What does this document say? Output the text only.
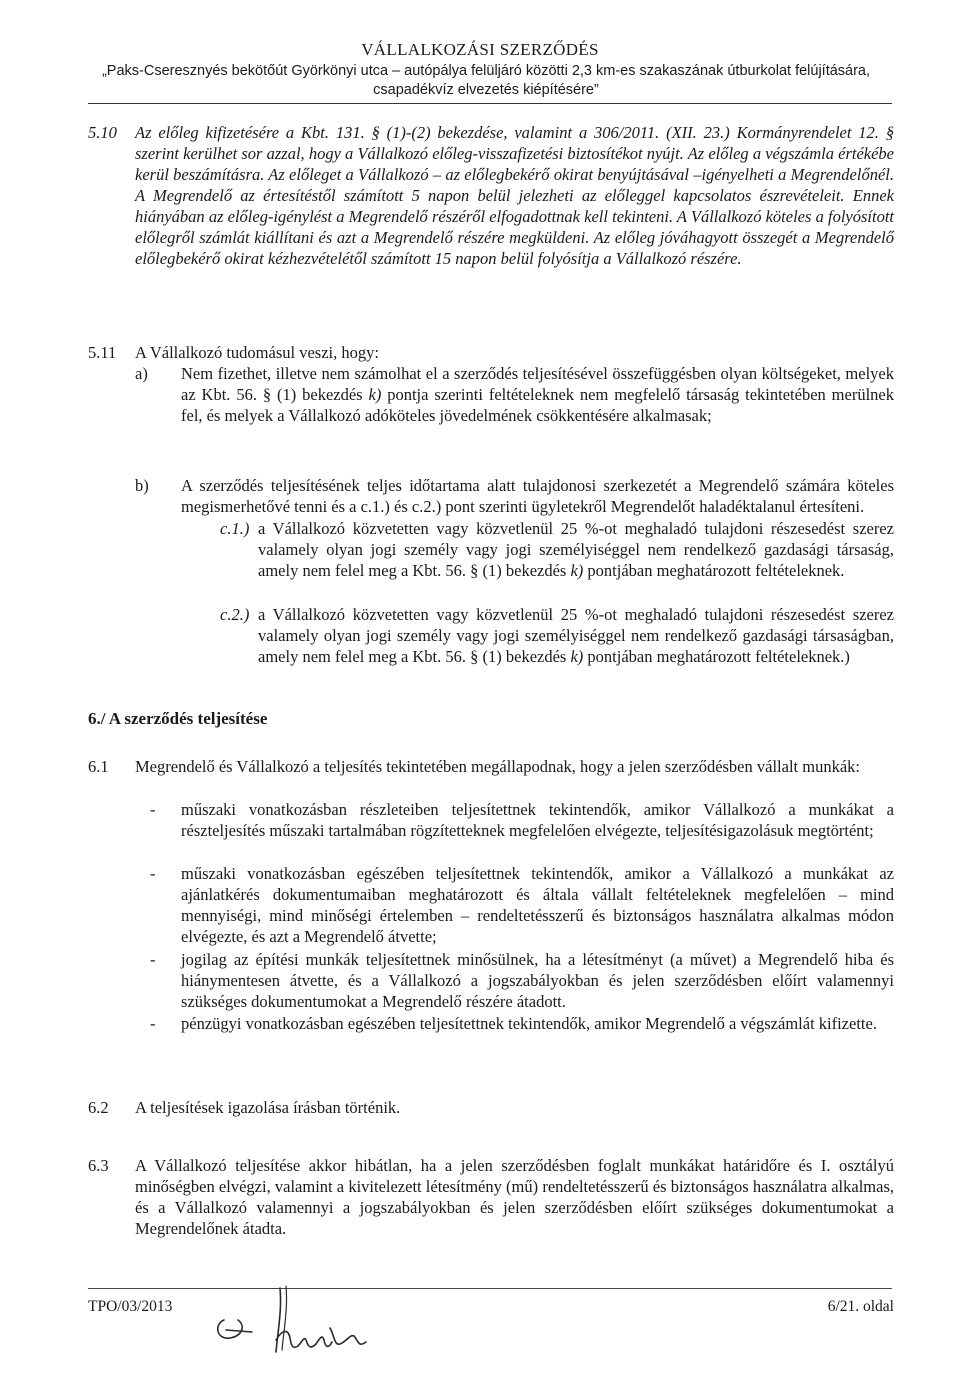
VÁLLALKOZÁSI SZERZŐDÉS
„Paks-Cseresznyés bekötőút Györkönyi utca – autópálya felüljáró közötti 2,3 km-es szakaszának útburkolat felújítására,
csapadékvíz elvezetés kiépítésére”
5.10 Az előleg kifizetésére a Kbt. 131. § (1)-(2) bekezdése, valamint a 306/2011. (XII. 23.) Kormányrendelet 12. § szerint kerülhet sor azzal, hogy a Vállalkozó előleg-visszafizetési biztosítékot nyújt. Az előleg a végszámla értékébe kerül beszámításra. Az előleget a Vállalkozó – az előlegbekérő okirat benyújtásával –igényelheti a Megrendelőnél. A Megrendelő az értesítéstől számított 5 napon belül jelezheti az előleggel kapcsolatos észrevételeit. Ennek hiányában az előleg-igénylést a Megrendelő részéről elfogadottnak kell tekinteni. A Vállalkozó köteles a folyósított előlegről számlát kiállítani és azt a Megrendelő részére megküldeni. Az előleg jóváhagyott összegét a Megrendelő előlegbekérő okirat kézhezvételétől számított 15 napon belül folyósítja a Vállalkozó részére.
5.11 A Vállalkozó tudomásul veszi, hogy:
a) Nem fizethet, illetve nem számolhat el a szerződés teljesítésével összefüggésben olyan költségeket, melyek az Kbt. 56. § (1) bekezdés k) pontja szerinti feltételeknek nem megfelelő társaság tekintetében merülnek fel, és melyek a Vállalkozó adóköteles jövedelmének csökkentésére alkalmasak;
b) A szerződés teljesítésének teljes időtartama alatt tulajdonosi szerkezetét a Megrendelő számára köteles megismerhetővé tenni és a c.1.) és c.2.) pont szerinti ügyletekről Megrendelőt haladéktalanul értesíteni.
c.1.) a Vállalkozó közvetetten vagy közvetlenül 25 %-ot meghaladó tulajdoni részesedést szerez valamely olyan jogi személy vagy jogi személyiséggel nem rendelkező gazdasági társaság, amely nem felel meg a Kbt. 56. § (1) bekezdés k) pontjában meghatározott feltételeknek.
c.2.) a Vállalkozó közvetetten vagy közvetlenül 25 %-ot meghaladó tulajdoni részesedést szerez valamely olyan jogi személy vagy jogi személyiséggel nem rendelkező gazdasági társaságban, amely nem felel meg a Kbt. 56. § (1) bekezdés k) pontjában meghatározott feltételeknek.)
6./ A szerződés teljesítése
6.1 Megrendelő és Vállalkozó a teljesítés tekintetében megállapodnak, hogy a jelen szerződésben vállalt munkák:
- műszaki vonatkozásban részleteiben teljesítettnek tekintendők, amikor Vállalkozó a munkákat a részteljesítés műszaki tartalmában rögzítetteknek megfelelően elvégezte, teljesítésigazolásuk megtörtént;
- műszaki vonatkozásban egészében teljesítettnek tekintendők, amikor a Vállalkozó a munkákat az ajánlatkérés dokumentumaiban meghatározott és általa vállalt feltételeknek megfelelően – mind mennyiségi, mind minőségi értelemben – rendeltetésszerű és biztonságos használatra alkalmas módon elvégezte, és azt a Megrendelő átvette;
- jogilag az építési munkák teljesítettnek minősülnek, ha a létesítményt (a művet) a Megrendelő hiba és hiánymentesen átvette, és a Vállalkozó a jogszabályokban és jelen szerződésben előírt valamennyi szükséges dokumentumokat a Megrendelő részére átadott.
- pénzügyi vonatkozásban egészében teljesítettnek tekintendők, amikor Megrendelő a végszámlát kifizette.
6.2 A teljesítések igazolása írásban történik.
6.3 A Vállalkozó teljesítése akkor hibátlan, ha a jelen szerződésben foglalt munkákat határidőre és I. osztályú minőségben elvégzi, valamint a kivitelezett létesítmény (mű) rendeltetésszerű és biztonságos használatra alkalmas, és a Vállalkozó valamennyi a jogszabályokban és jelen szerződésben előírt szükséges dokumentumokat a Megrendelőnek átadta.
TPO/03/2013	6/21. oldal
